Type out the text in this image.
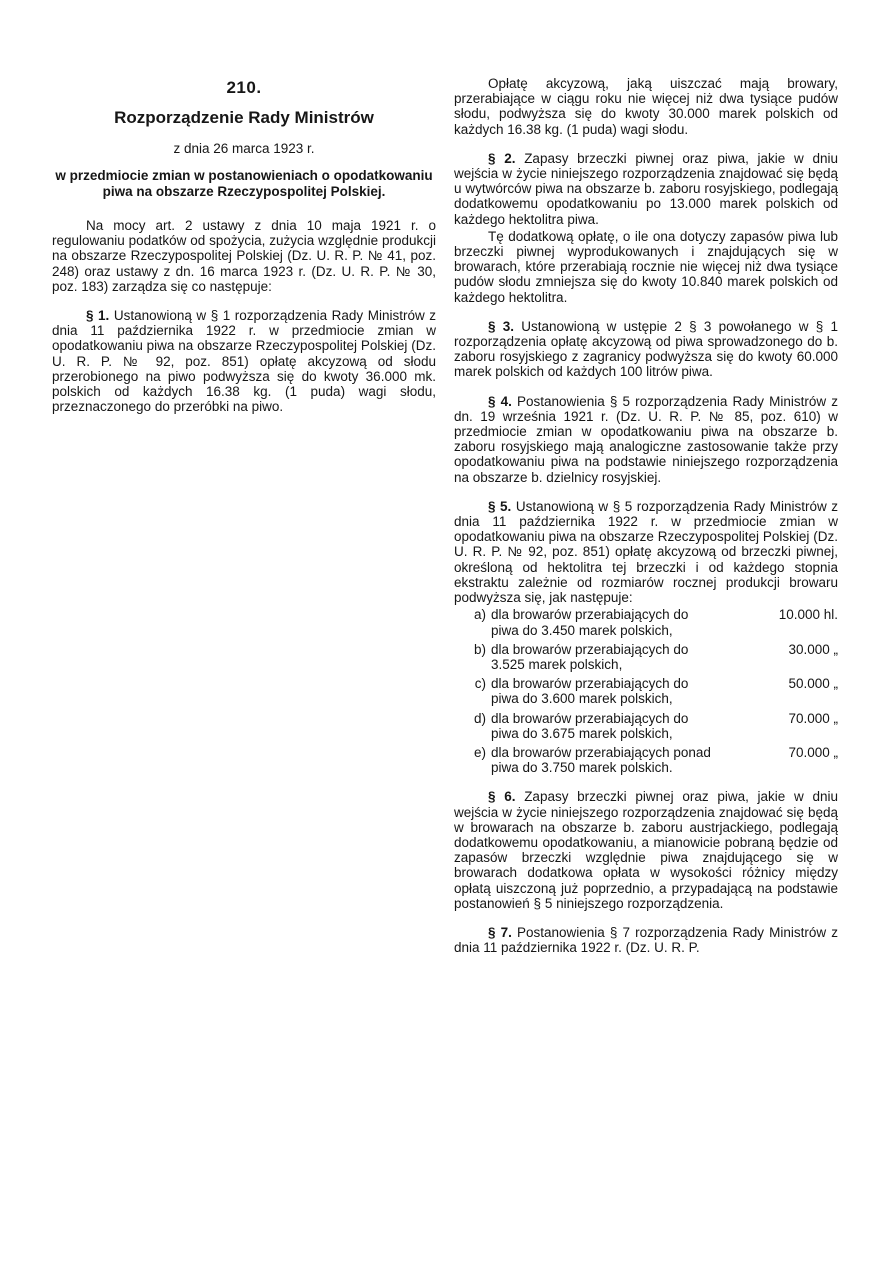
210.
Rozporządzenie Rady Ministrów
z dnia 26 marca 1923 r.
w przedmiocie zmian w postanowieniach o opodatkowaniu piwa na obszarze Rzeczypospolitej Polskiej.

Na mocy art. 2 ustawy z dnia 10 maja 1921 r. o regulowaniu podatków od spożycia, zużycia względnie produkcji na obszarze Rzeczypospolitej Polskiej (Dz. U. R. P. № 41, poz. 248) oraz ustawy z dn. 16 marca 1923 r. (Dz. U. R. P. № 30, poz. 183) zarządza się co następuje:

§ 1. Ustanowioną w § 1 rozporządzenia Rady Ministrów z dnia 11 października 1922 r. w przedmiocie zmian w opodatkowaniu piwa na obszarze Rzeczypospolitej Polskiej (Dz. U. R. P. № 92, poz. 851) opłatę akcyzową od słodu przerobionego na piwo podwyższa się do kwoty 36.000 mk. polskich od każdych 16.38 kg. (1 puda) wagi słodu, przeznaczonego do przeróbki na piwo.

Opłatę akcyzową, jaką uiszczać mają browary, przerabiające w ciągu roku nie więcej niż dwa tysiące pudów słodu, podwyższa się do kwoty 30.000 marek polskich od każdych 16.38 kg. (1 puda) wagi słodu.

§ 2. Zapasy brzeczki piwnej oraz piwa, jakie w dniu wejścia w życie niniejszego rozporządzenia znajdować się będą u wytwórców piwa na obszarze b. zaboru rosyjskiego, podlegają dodatkowemu opodatkowaniu po 13.000 marek polskich od każdego hektolitra piwa.

Tę dodatkową opłatę, o ile ona dotyczy zapasów piwa lub brzeczki piwnej wyprodukowanych i znajdujących się w browarach, które przerabiają rocznie nie więcej niż dwa tysiące pudów słodu zmniejsza się do kwoty 10.840 marek polskich od każdego hektolitra.

§ 3. Ustanowioną w ustępie 2 § 3 powołanego w § 1 rozporządzenia opłatę akcyzową od piwa sprowadzonego do b. zaboru rosyjskiego z zagranicy podwyższa się do kwoty 60.000 marek polskich od każdych 100 litrów piwa.

§ 4. Postanowienia § 5 rozporządzenia Rady Ministrów z dn. 19 września 1921 r. (Dz. U. R. P. № 85, poz. 610) w przedmiocie zmian w opodatkowaniu piwa na obszarze b. zaboru rosyjskiego mają analogiczne zastosowanie także przy opodatkowaniu piwa na podstawie niniejszego rozporządzenia na obszarze b. dzielnicy rosyjskiej.

§ 5. Ustanowioną w § 5 rozporządzenia Rady Ministrów z dnia 11 października 1922 r. w przedmiocie zmian w opodatkowaniu piwa na obszarze Rzeczypospolitej Polskiej (Dz. U. R. P. № 92, poz. 851) opłatę akcyzową od brzeczki piwnej, określoną od hektolitra tej brzeczki i od każdego stopnia ekstraktu zależnie od rozmiarów rocznej produkcji browaru podwyższa się, jak następuje:

a) dla browarów przerabiających do	10.000 hl.
piwa do 3.450 marek polskich,
b) dla browarów przerabiających do	30.000 „
3.525 marek polskich,
c) dla browarów przerabiających do	50.000 „
piwa do 3.600 marek polskich,
d) dla browarów przerabiających do	70.000 „
piwa do 3.675 marek polskich,
e) dla browarów przerabiających ponad	70.000 „
piwa do 3.750 marek polskich.

§ 6. Zapasy brzeczki piwnej oraz piwa, jakie w dniu wejścia w życie niniejszego rozporządzenia znajdować się będą w browarach na obszarze b. zaboru austrjackiego, podlegają dodatkowemu opodatkowaniu, a mianowicie pobraną będzie od zapasów brzeczki względnie piwa znajdującego się w browarach dodatkowa opłata w wysokości różnicy między opłatą uiszczoną już poprzednio, a przypadającą na podstawie postanowień § 5 niniejszego rozporządzenia.

§ 7. Postanowienia § 7 rozporządzenia Rady Ministrów z dnia 11 października 1922 r. (Dz. U. R. P.
